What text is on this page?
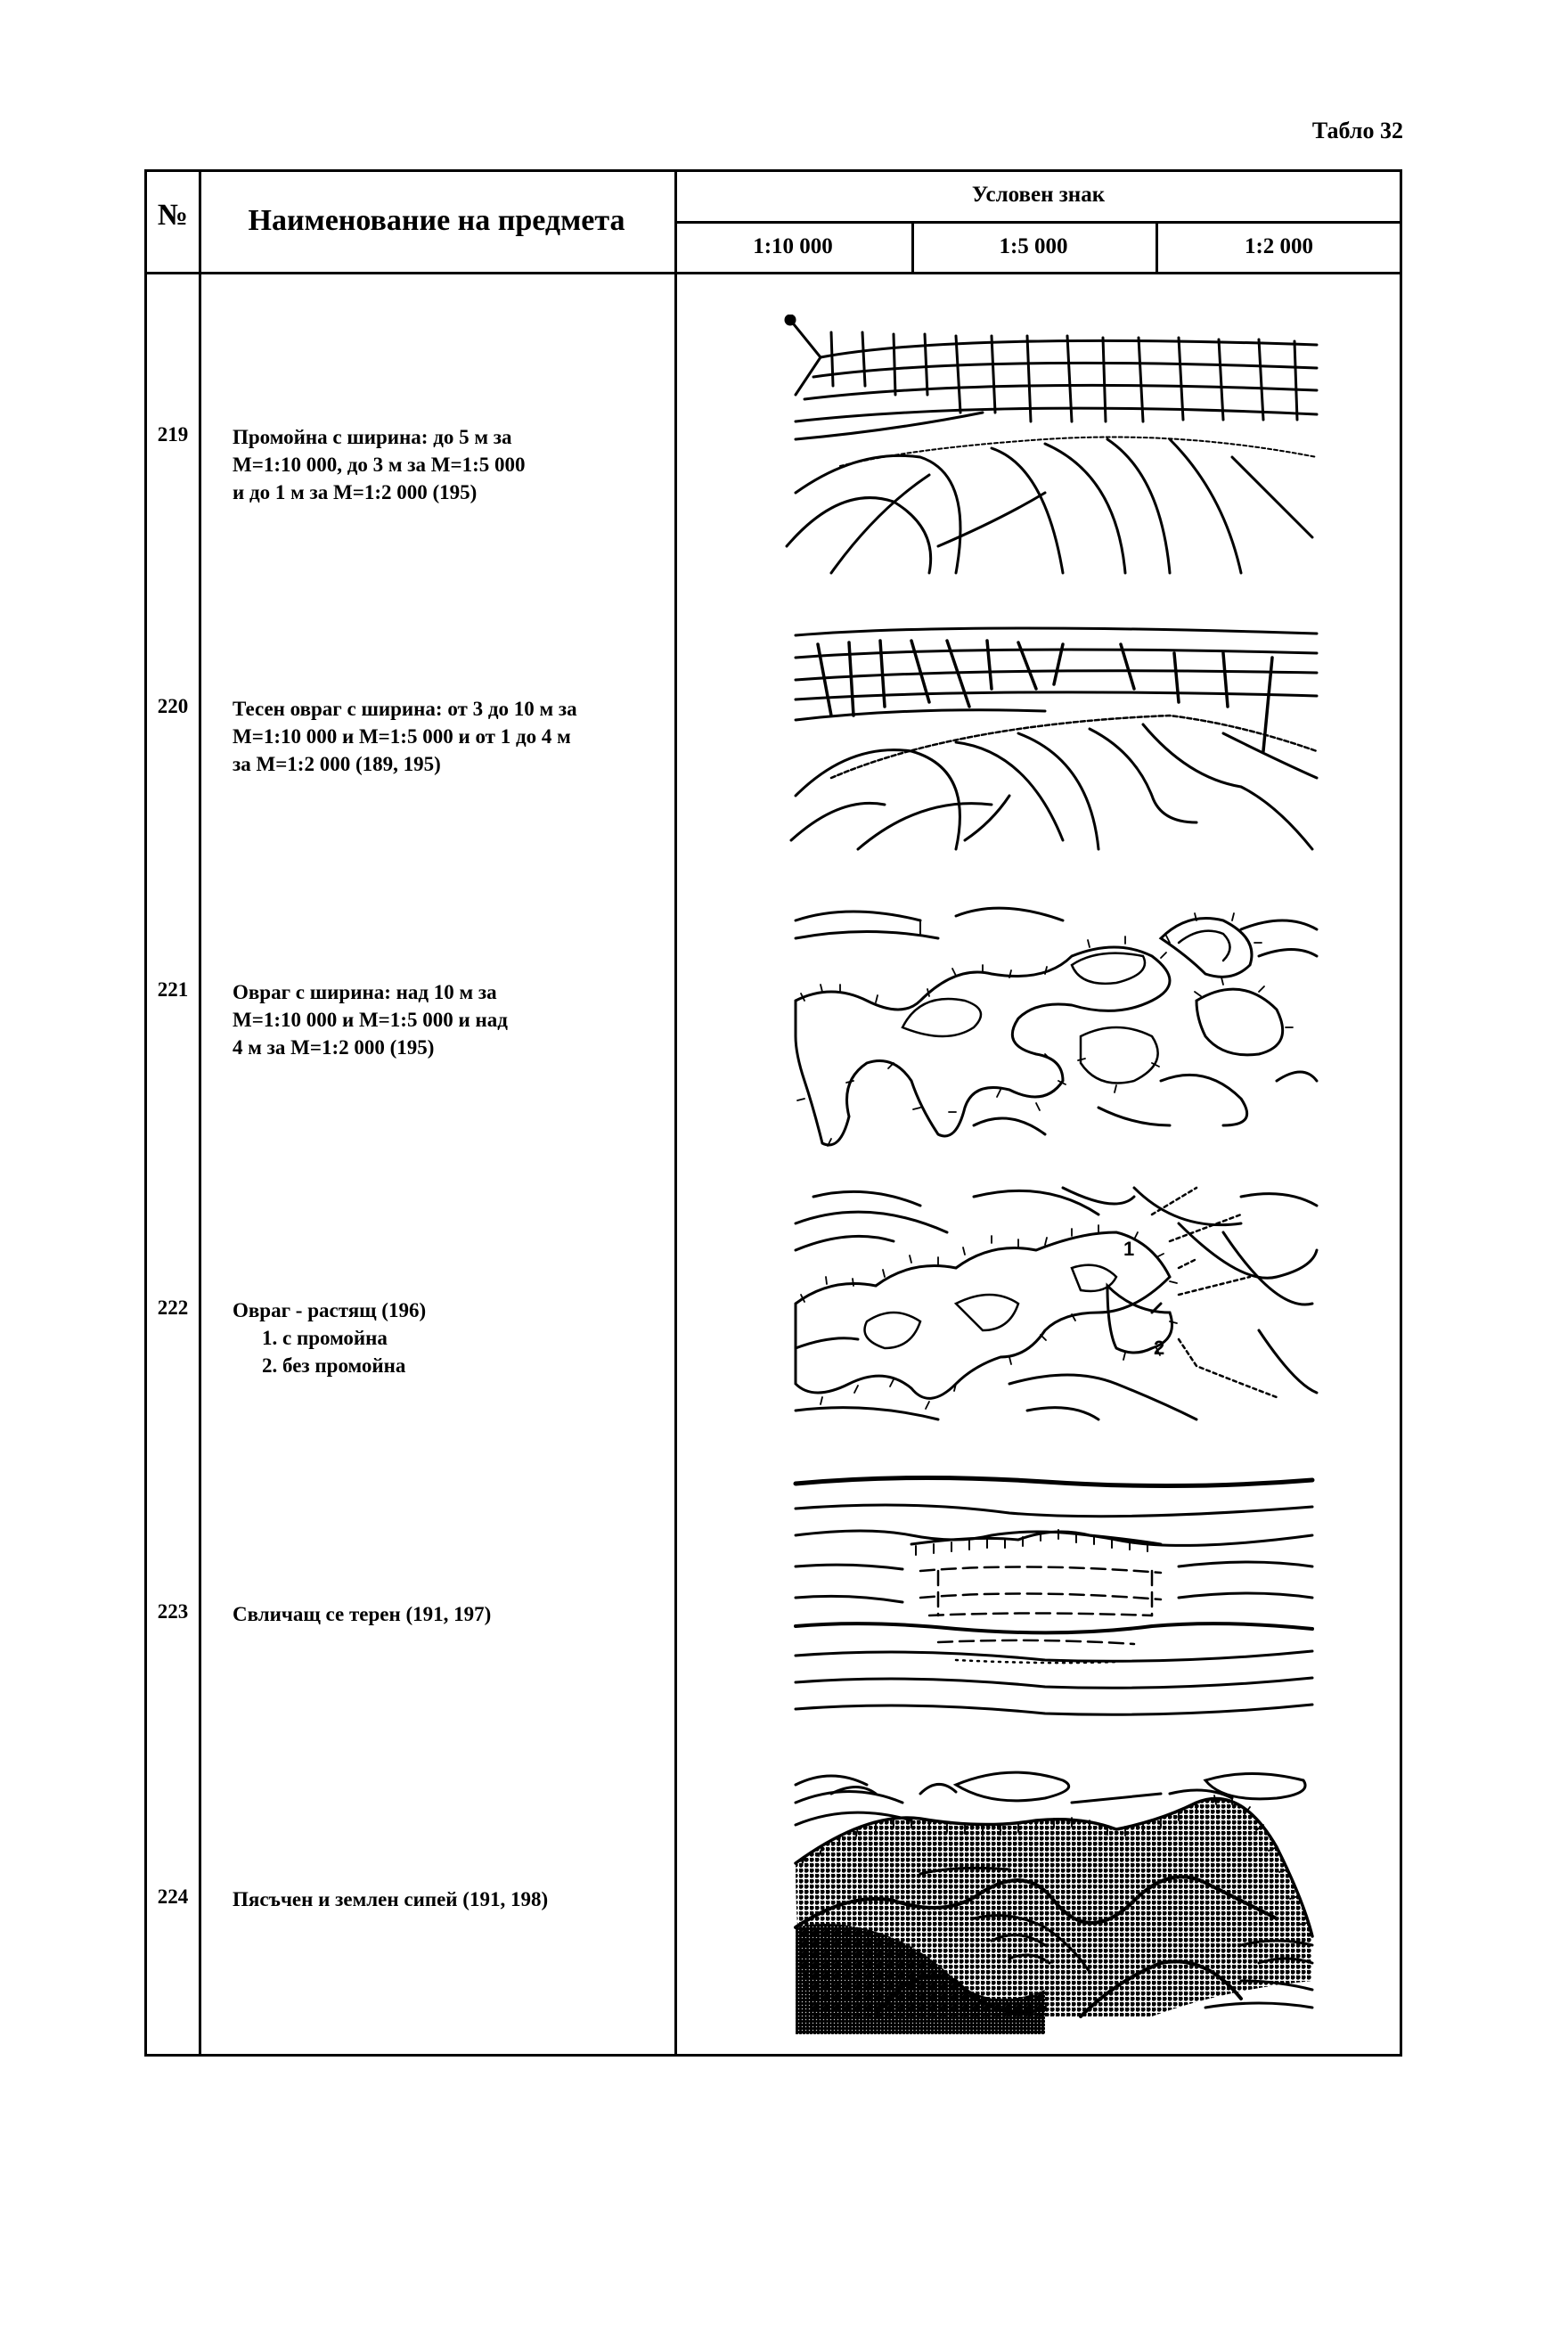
Табло 32
№	Наименование на предмета
Условен знак
1:10 000	1:5 000	1:2 000
219	Промойна с ширина: до 5 м за
М=1:10 000, до 3 м за М=1:5 000
и до 1 м за М=1:2 000 (195)
220	Тесен овраг с ширина: от 3 до 10 м за
М=1:10 000 и М=1:5 000 и от 1 до 4 м
за М=1:2 000 (189, 195)
221	Овраг с ширина: над 10 м за
М=1:10 000 и М=1:5 000 и над
4 м за М=1:2 000 (195)
222	Овраг - растящ (196)
1. с промойна
2. без промойна
223	Свличащ се терен (191, 197)
224	Пясъчен и землен сипей (191, 198)
1
2
